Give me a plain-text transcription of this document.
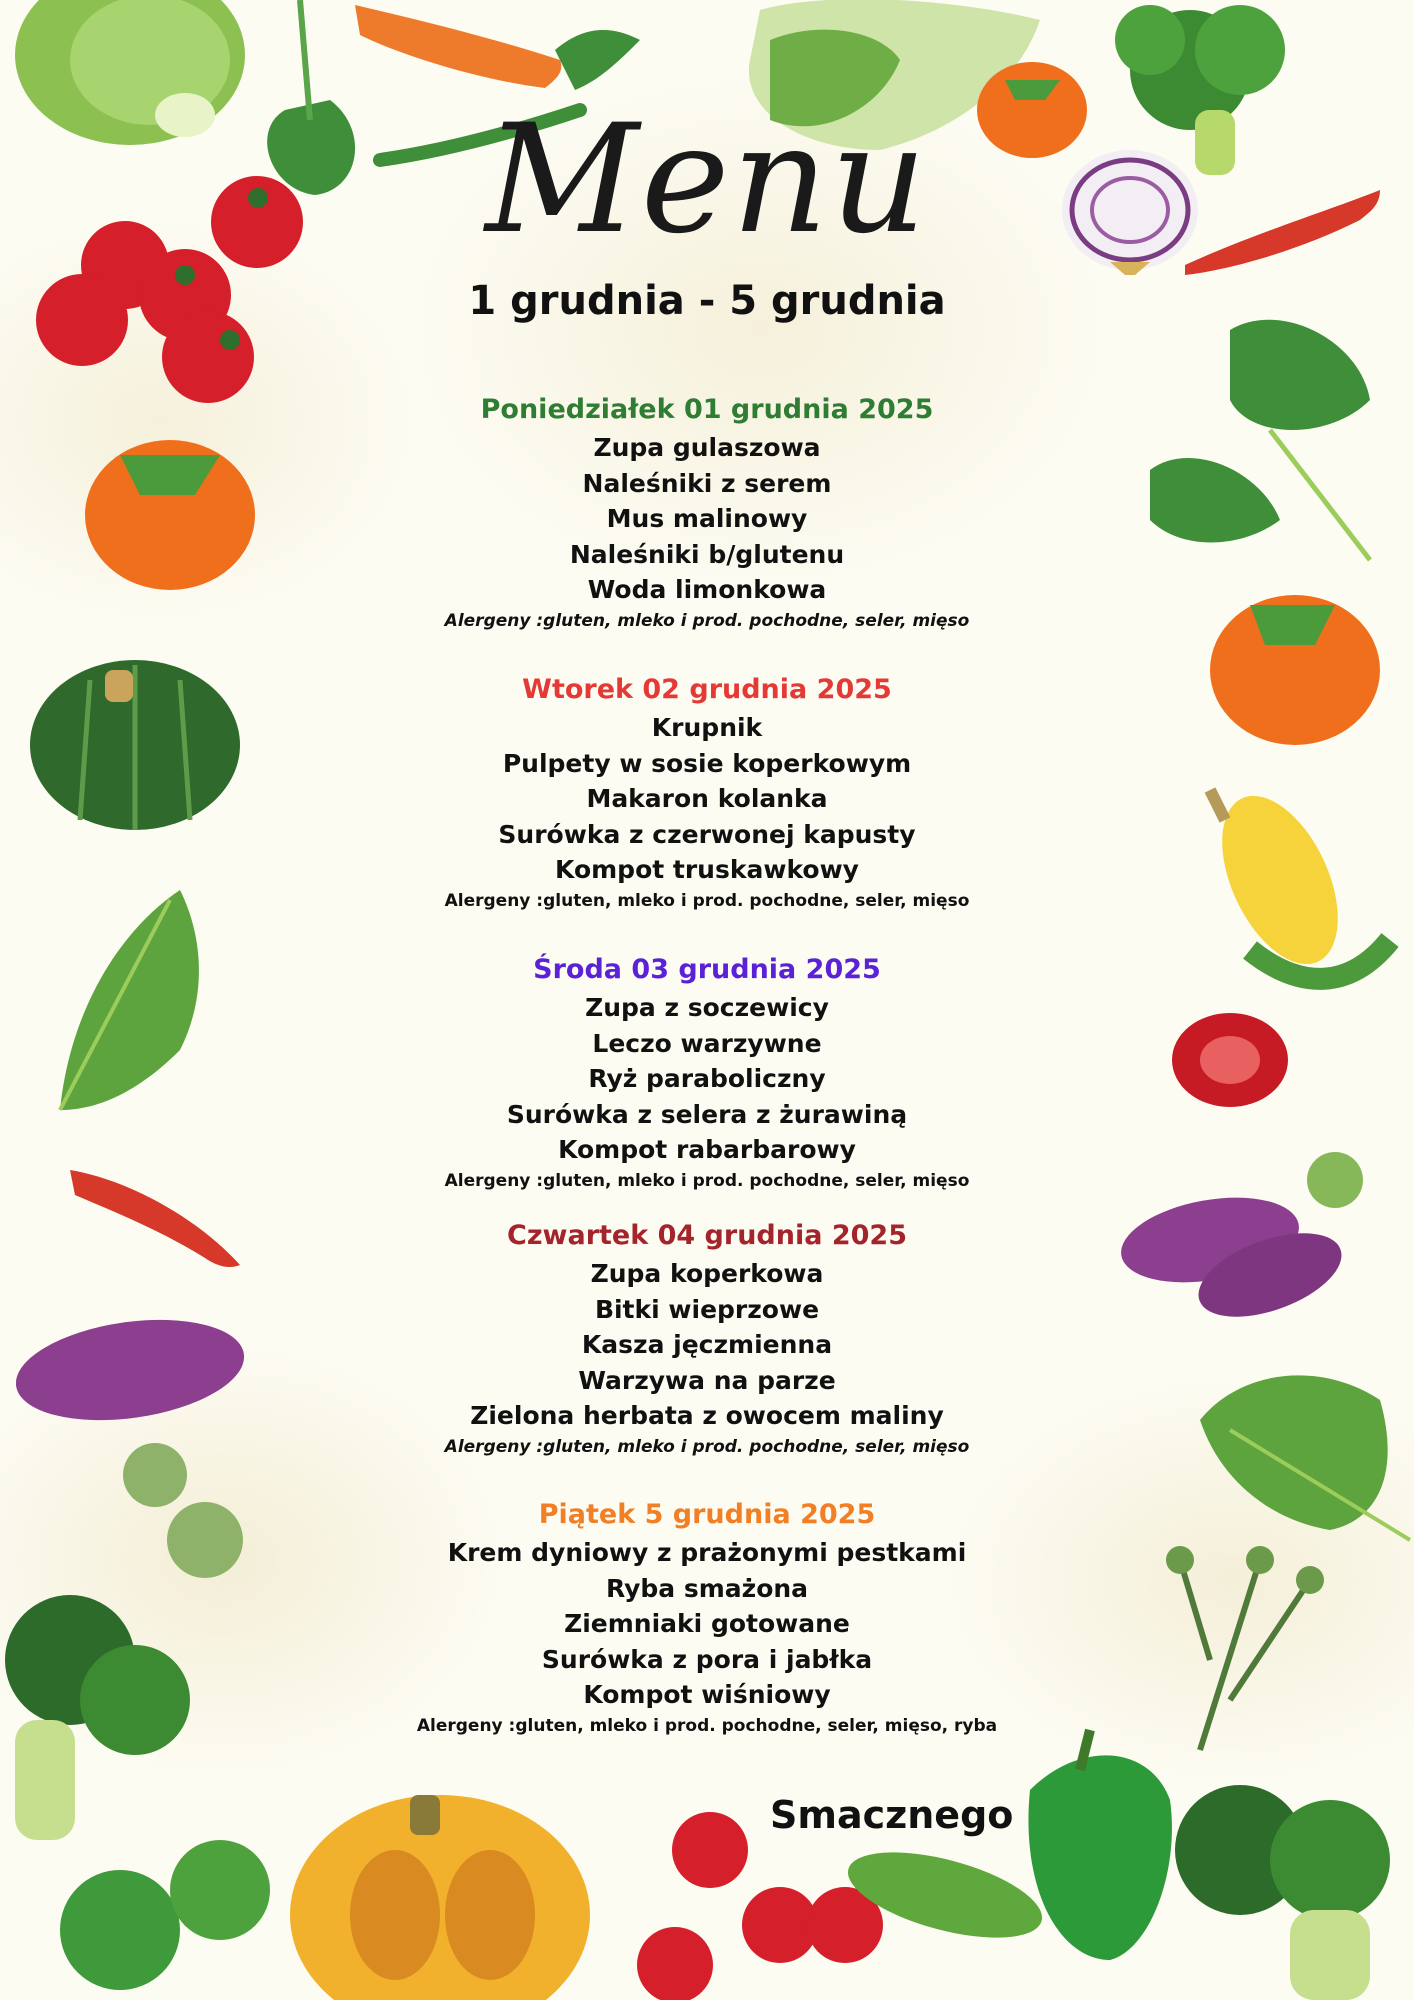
Menu
1 grudnia - 5 grudnia
Poniedziałek 01 grudnia 2025
Zupa gulaszowa
Naleśniki z serem
Mus malinowy
Naleśniki b/glutenu
Woda limonkowa
Alergeny :gluten, mleko i prod. pochodne, seler, mięso
Wtorek 02 grudnia 2025
Krupnik
Pulpety w sosie koperkowym
Makaron kolanka
Surówka z czerwonej kapusty
Kompot truskawkowy
Alergeny :gluten, mleko i prod. pochodne, seler, mięso
Środa 03 grudnia 2025
Zupa z soczewicy
Leczo warzywne
Ryż paraboliczny
Surówka z selera z żurawiną
Kompot rabarbarowy
Alergeny :gluten, mleko i prod. pochodne, seler, mięso
Czwartek 04 grudnia 2025
Zupa koperkowa
Bitki wieprzowe
Kasza jęczmienna
Warzywa na parze
Zielona herbata z owocem maliny
Alergeny :gluten, mleko i prod. pochodne, seler, mięso
Piątek 5 grudnia 2025
Krem dyniowy z prażonymi pestkami
Ryba smażona
Ziemniaki gotowane
Surówka z pora i jabłka
Kompot wiśniowy
Alergeny :gluten, mleko i prod. pochodne, seler, mięso, ryba
Smacznego
